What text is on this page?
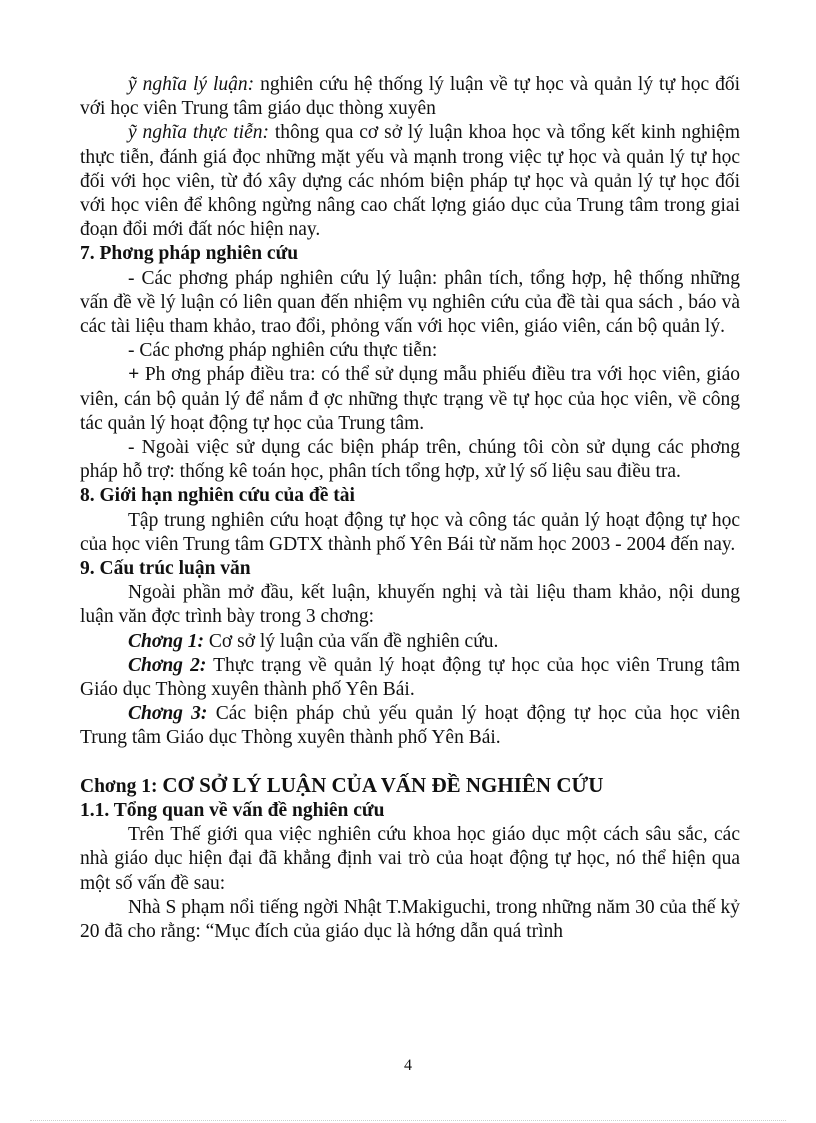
ỹ nghĩa lý luận: nghiên cứu hệ thống lý luận về tự học và quản lý tự học đối với học viên Trung tâm giáo dục thòng xuyên

ỹ nghĩa thực tiễn: thông qua cơ sở lý luận khoa học và tổng kết kinh nghiệm thực tiễn, đánh giá đọc những mặt yếu và mạnh trong việc tự học và quản lý tự học đối với học viên, từ đó xây dựng các nhóm biện pháp tự học và quản lý tự học đối với học viên để không ngừng nâng cao chất lợng giáo dục của Trung tâm trong giai đoạn đổi mới đất nóc hiện nay.

7. Phơng pháp nghiên cứu

- Các phơng pháp nghiên cứu lý luận: phân tích, tổng hợp, hệ thống những vấn đề về lý luận có liên quan đến nhiệm vụ nghiên cứu của đề tài qua sách , báo và các tài liệu tham khảo, trao đổi, phỏng vấn với học viên, giáo viên, cán bộ quản lý.

- Các phơng pháp nghiên cứu thực tiễn:

+ Ph ơng pháp điều tra: có thể sử dụng mẫu phiếu điều tra với học viên, giáo viên, cán bộ quản lý để nắm đ ợc những thực trạng về tự học của học viên, về công tác quản lý hoạt động tự học của Trung tâm.

- Ngoài việc sử dụng các biện pháp trên, chúng tôi còn sử dụng các phơng pháp hỗ trợ: thống kê toán học, phân tích tổng hợp, xử lý số liệu sau điều tra.

8. Giới hạn nghiên cứu của đề tài

Tập trung nghiên cứu hoạt động tự học và công tác quản lý hoạt động tự học của học viên Trung tâm GDTX thành phố Yên Bái từ năm học 2003 - 2004 đến nay.

9. Cấu trúc luận văn

Ngoài phần mở đầu, kết luận, khuyến nghị và tài liệu tham khảo, nội dung luận văn đợc trình bày trong 3 chơng:

Chơng 1: Cơ sở lý luận của vấn đề nghiên cứu.

Chơng 2: Thực trạng về quản lý hoạt động tự học của học viên Trung tâm Giáo dục Thòng xuyên thành phố Yên Bái.

Chơng 3: Các biện pháp chủ yếu quản lý hoạt động tự học của học viên Trung tâm Giáo dục Thòng xuyên thành phố Yên Bái.

Chơng 1: CƠ SỞ LÝ LUẬN CỦA VẤN ĐỀ NGHIÊN CỨU

1.1. Tổng quan về vấn đề nghiên cứu

Trên Thế giới qua việc nghiên cứu khoa học giáo dục một cách sâu sắc, các nhà giáo dục hiện đại đã khẳng định vai trò của hoạt động tự học, nó thể hiện qua một số vấn đề sau:

Nhà S phạm nổi tiếng ngời Nhật T.Makiguchi, trong những năm 30 của thế kỷ 20 đã cho rằng: “Mục đích của giáo dục là hớng dẫn quá trình

4
